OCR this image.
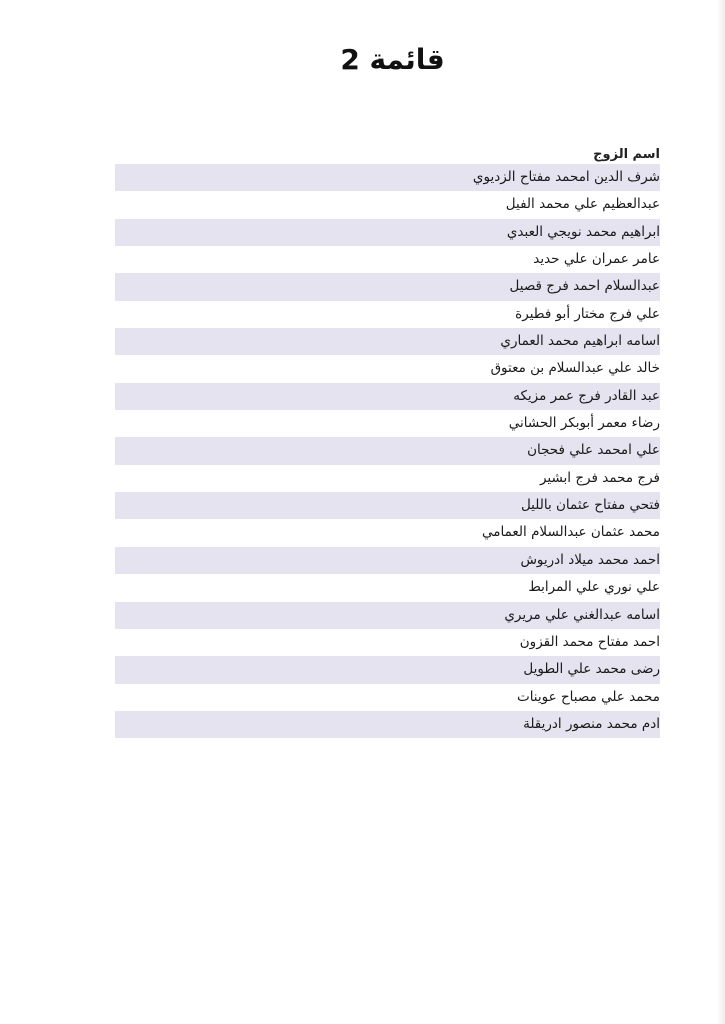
قائمة 2
اسم الزوج
شرف الدين امحمد مفتاح الزديوي
عبدالعظيم علي محمد الفيل
ابراهيم محمد نويجي العبدي
عامر عمران علي حديد
عبدالسلام احمد فرج قصيل
علي فرج مختار أبو فطيرة
اسامه ابراهيم محمد العماري
خالد علي عبدالسلام بن معتوق
عبد القادر فرج عمر مزيكه
رضاء معمر أبوبكر الحشاني
علي امحمد علي فحجان
فرج محمد فرج ابشير
فتحي مفتاح عثمان بالليل
محمد عثمان عبدالسلام العمامي
احمد محمد ميلاد ادريوش
علي نوري علي المرابط
اسامه عبدالغني علي مريري
احمد مفتاح محمد القزون
رضى محمد علي الطويل
محمد علي مصباح عوينات
ادم محمد منصور ادريقلة
